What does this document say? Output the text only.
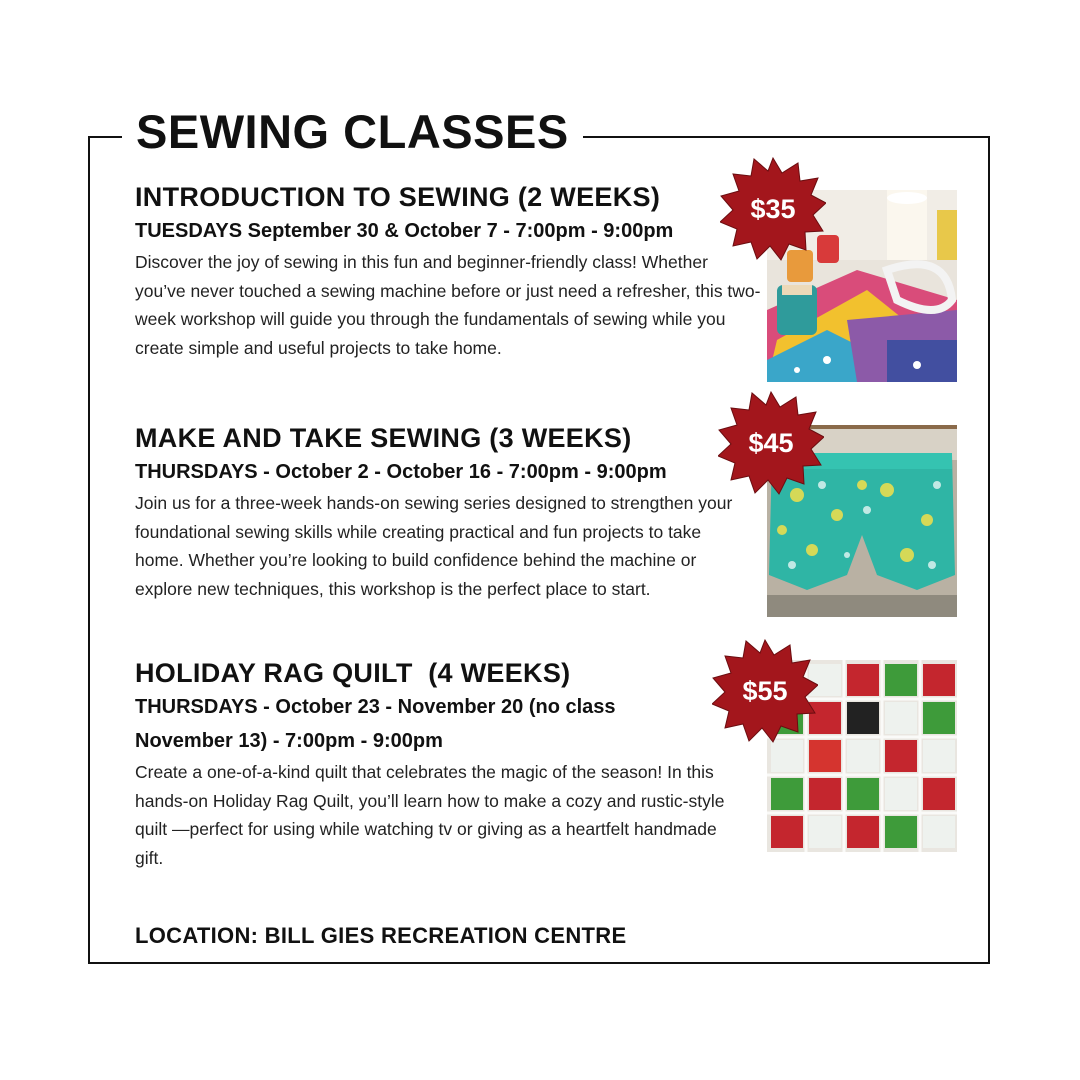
SEWING CLASSES
INTRODUCTION TO SEWING (2 WEEKS)

TUESDAYS September 30 & October 7 - 7:00pm - 9:00pm

Discover the joy of sewing in this fun and beginner-friendly class! Whether you’ve never touched a sewing machine before or just need a refresher, this two-week workshop will guide you through the fundamentals of sewing while you create simple and useful projects to take home.

$35
MAKE AND TAKE SEWING (3 WEEKS)

THURSDAYS - October 2 - October 16 - 7:00pm - 9:00pm

Join us for a three-week hands-on sewing series designed to strengthen your foundational sewing skills while creating practical and fun projects to take home. Whether you’re looking to build confidence behind the machine or explore new techniques, this workshop is the perfect place to start.

$45
HOLIDAY RAG QUILT  (4 WEEKS)

THURSDAYS - October 23 - November 20 (no class November 13) - 7:00pm - 9:00pm

Create a one-of-a-kind quilt that celebrates the magic of the season! In this hands-on Holiday Rag Quilt, you’ll learn how to make a cozy and rustic-style quilt —perfect for using while watching tv or giving as a heartfelt handmade gift.

$55

LOCATION: BILL GIES RECREATION CENTRE
